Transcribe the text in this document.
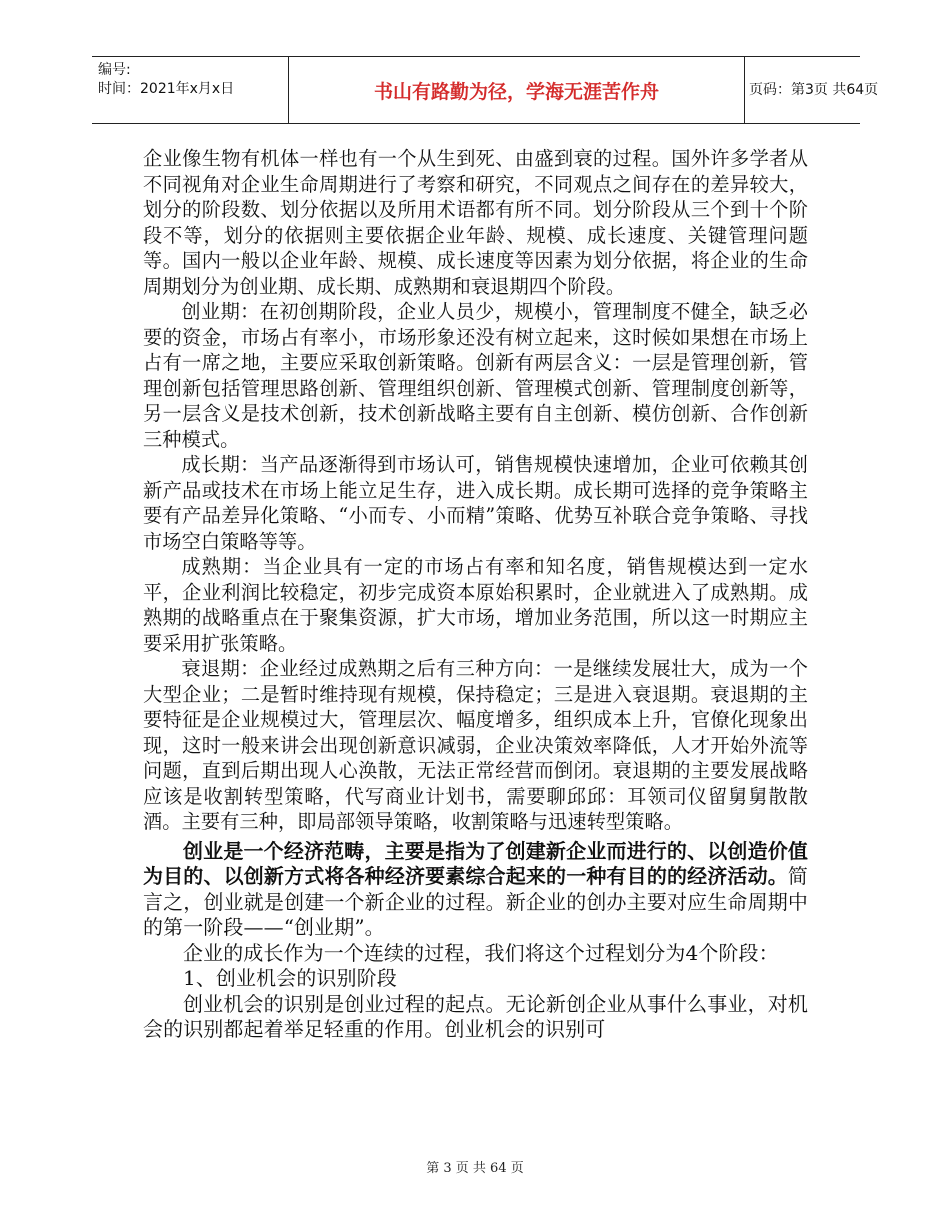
编号:
时间：2021年x月x日	书山有路勤为径，学海无涯苦作舟	页码：第3页 共64页

企业像生物有机体一样也有一个从生到死、由盛到衰的过程。国外许多学者从不同视角对企业生命周期进行了考察和研究，不同观点之间存在的差异较大，划分的阶段数、划分依据以及所用术语都有所不同。划分阶段从三个到十个阶段不等，划分的依据则主要依据企业年龄、规模、成长速度、关键管理问题等。国内一般以企业年龄、规模、成长速度等因素为划分依据，将企业的生命周期划分为创业期、成长期、成熟期和衰退期四个阶段。

创业期：在初创期阶段，企业人员少，规模小，管理制度不健全，缺乏必要的资金，市场占有率小，市场形象还没有树立起来，这时候如果想在市场上占有一席之地，主要应采取创新策略。创新有两层含义：一层是管理创新，管理创新包括管理思路创新、管理组织创新、管理模式创新、管理制度创新等，另一层含义是技术创新，技术创新战略主要有自主创新、模仿创新、合作创新三种模式。

成长期：当产品逐渐得到市场认可，销售规模快速增加，企业可依赖其创新产品或技术在市场上能立足生存，进入成长期。成长期可选择的竞争策略主要有产品差异化策略、“小而专、小而精”策略、优势互补联合竞争策略、寻找市场空白策略等等。

成熟期：当企业具有一定的市场占有率和知名度，销售规模达到一定水平，企业利润比较稳定，初步完成资本原始积累时，企业就进入了成熟期。成熟期的战略重点在于聚集资源，扩大市场，增加业务范围，所以这一时期应主要采用扩张策略。

衰退期：企业经过成熟期之后有三种方向：一是继续发展壮大，成为一个大型企业；二是暂时维持现有规模，保持稳定；三是进入衰退期。衰退期的主要特征是企业规模过大，管理层次、幅度增多，组织成本上升，官僚化现象出现，这时一般来讲会出现创新意识减弱，企业决策效率降低，人才开始外流等问题，直到后期出现人心涣散，无法正常经营而倒闭。衰退期的主要发展战略应该是收割转型策略，代写商业计划书，需要聊邱邱：耳领司仪留舅舅散散酒。主要有三种，即局部领导策略，收割策略与迅速转型策略。

创业是一个经济范畴，主要是指为了创建新企业而进行的、以创造价值为目的、以创新方式将各种经济要素综合起来的一种有目的的经济活动。简言之，创业就是创建一个新企业的过程。新企业的创办主要对应生命周期中的第一阶段——“创业期”。

企业的成长作为一个连续的过程，我们将这个过程划分为4个阶段：

1、创业机会的识别阶段

创业机会的识别是创业过程的起点。无论新创企业从事什么事业，对机会的识别都起着举足轻重的作用。创业机会的识别可

第 3 页 共 64 页
